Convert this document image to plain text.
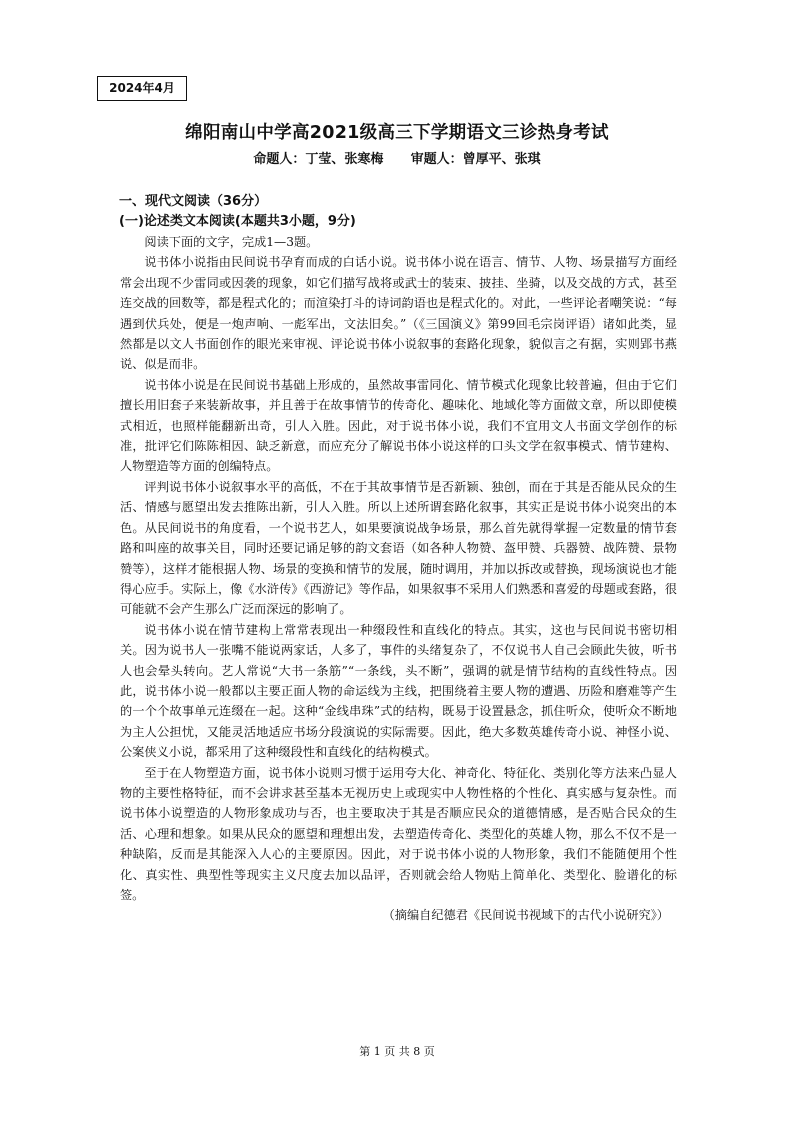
2024年4月
绵阳南山中学高2021级高三下学期语文三诊热身考试
命题人：丁莹、张寒梅      审题人：曾厚平、张琪
一、现代文阅读（36分）
(一)论述类文本阅读(本题共3小题，9分)

阅读下面的文字，完成1—3题。

说书体小说指由民间说书孕育而成的白话小说。说书体小说在语言、情节、人物、场景描写方面经常会出现不少雷同或因袭的现象，如它们描写战将或武士的装束、披挂、坐骑，以及交战的方式，甚至连交战的回数等，都是程式化的；而渲染打斗的诗词韵语也是程式化的。对此，一些评论者嘲笑说：“每遇到伏兵处，便是一炮声响、一彪军出，文法旧矣。”（《三国演义》第99回毛宗岗评语）诸如此类，显然都是以文人书面创作的眼光来审视、评论说书体小说叙事的套路化现象，貌似言之有据，实则郢书燕说、似是而非。

说书体小说是在民间说书基础上形成的，虽然故事雷同化、情节模式化现象比较普遍，但由于它们擅长用旧套子来装新故事，并且善于在故事情节的传奇化、趣味化、地域化等方面做文章，所以即使模式相近，也照样能翻新出奇，引人入胜。因此，对于说书体小说，我们不宜用文人书面文学创作的标准，批评它们陈陈相因、缺乏新意，而应充分了解说书体小说这样的口头文学在叙事模式、情节建构、人物塑造等方面的创编特点。

评判说书体小说叙事水平的高低，不在于其故事情节是否新颖、独创，而在于其是否能从民众的生活、情感与愿望出发去推陈出新，引人入胜。所以上述所谓套路化叙事，其实正是说书体小说突出的本色。从民间说书的角度看，一个说书艺人，如果要演说战争场景，那么首先就得掌握一定数量的情节套路和叫座的故事关目，同时还要记诵足够的韵文套语（如各种人物赞、盔甲赞、兵器赞、战阵赞、景物赞等），这样才能根据人物、场景的变换和情节的发展，随时调用，并加以拆改或替换，现场演说也才能得心应手。实际上，像《水浒传》《西游记》等作品，如果叙事不采用人们熟悉和喜爱的母题或套路，很可能就不会产生那么广泛而深远的影响了。

说书体小说在情节建构上常常表现出一种缀段性和直线化的特点。其实，这也与民间说书密切相关。因为说书人一张嘴不能说两家话，人多了，事件的头绪复杂了，不仅说书人自己会顾此失彼，听书人也会晕头转向。艺人常说“大书一条筋”“一条线，头不断”，强调的就是情节结构的直线性特点。因此，说书体小说一般都以主要正面人物的命运线为主线，把围绕着主要人物的遭遇、历险和磨难等产生的一个个故事单元连缀在一起。这种“金线串珠”式的结构，既易于设置悬念，抓住听众，使听众不断地为主人公担忧，又能灵活地适应书场分段演说的实际需要。因此，绝大多数英雄传奇小说、神怪小说、公案侠义小说，都采用了这种缀段性和直线化的结构模式。

至于在人物塑造方面，说书体小说则习惯于运用夸大化、神奇化、特征化、类别化等方法来凸显人物的主要性格特征，而不会讲求甚至基本无视历史上或现实中人物性格的个性化、真实感与复杂性。而说书体小说塑造的人物形象成功与否，也主要取决于其是否顺应民众的道德情感，是否贴合民众的生活、心理和想象。如果从民众的愿望和理想出发，去塑造传奇化、类型化的英雄人物，那么不仅不是一种缺陷，反而是其能深入人心的主要原因。因此，对于说书体小说的人物形象，我们不能随便用个性化、真实性、典型性等现实主义尺度去加以品评，否则就会给人物贴上简单化、类型化、脸谱化的标签。

（摘编自纪德君《民间说书视域下的古代小说研究》）

第 1 页 共 8 页
